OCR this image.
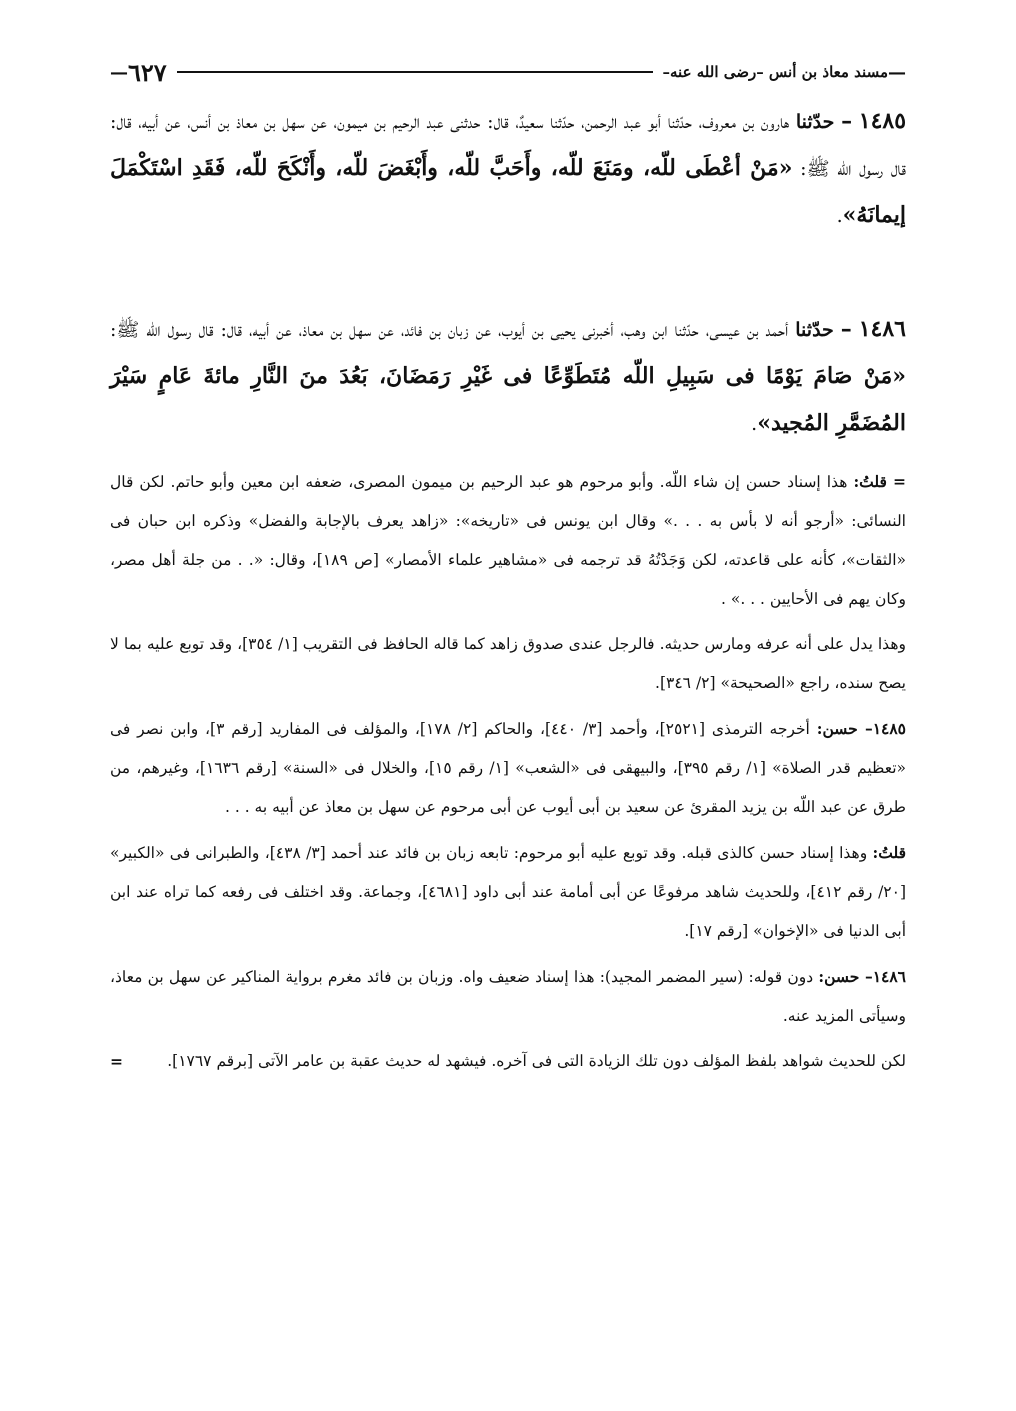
—
مسند معاذ بن أنس –رضى الله عنه–
٦٢٧
—
١٤٨٥ – حدّثنا هارون بن معروف، حدّثنا أبو عبد الرحمن، حدّثنا سعيدٌ، قال: حدثنى عبد الرحيم بن ميمون، عن سهل بن معاذ بن أنس، عن أبيه، قال: قال رسول اللّه ﷺ: «مَنْ أعْطَى للّه، ومَنَعَ للّه، وأَحَبَّ للّه، وأَبْغَضَ للّه، وأَنْكَحَ للّه، فَقَدِ اسْتَكْمَلَ إيمانَهُ».
١٤٨٦ – حدّثنا أحمد بن عيسى، حدّثنا ابن وهب، أخبرنى يحيى بن أيوب، عن زبان بن فائد، عن سهل بن معاذ، عن أبيه، قال: قال رسول اللّه ﷺ: «مَنْ صَامَ يَوْمًا فى سَبِيلِ اللّه مُتَطَوِّعًا فى غَيْرِ رَمَضَانَ، بَعُدَ منَ النَّارِ مائةَ عَامٍ سَيْرَ المُضَمَّرِ المُجيد».

= قلتُ: هذا إسناد حسن إن شاء اللّه. وأبو مرحوم هو عبد الرحيم بن ميمون المصرى، ضعفه ابن معين وأبو حاتم. لكن قال النسائى: «أرجو أنه لا بأس به . . .» وقال ابن يونس فى «تاريخه»: «زاهد يعرف بالإجابة والفضل» وذكره ابن حبان فى «الثقات»، كأنه على قاعدته، لكن وَجَدْتُهُ قد ترجمه فى «مشاهير علماء الأمصار» [ص ١٨٩]، وقال: «. . من جلة أهل مصر، وكان يهم فى الأحايين . . .» .

وهذا يدل على أنه عرفه ومارس حديثه. فالرجل عندى صدوق زاهد كما قاله الحافظ فى التقريب [١/ ٣٥٤]، وقد توبع عليه بما لا يصح سنده، راجع «الصحيحة» [٢/ ٣٤٦].

١٤٨٥– حسن: أخرجه الترمذى [٢٥٢١]، وأحمد [٣/ ٤٤٠]، والحاكم [٢/ ١٧٨]، والمؤلف فى المفاريد [رقم ٣]، وابن نصر فى «تعظيم قدر الصلاة» [١/ رقم ٣٩٥]، والبيهقى فى «الشعب» [١/ رقم ١٥]، والخلال فى «السنة» [رقم ١٦٣٦]، وغيرهم، من طرق عن عبد اللّه بن يزيد المقرئ عن سعيد بن أبى أيوب عن أبى مرحوم عن سهل بن معاذ عن أبيه به . . .

قلتُ: وهذا إسناد حسن كالذى قبله. وقد توبع عليه أبو مرحوم: تابعه زبان بن فائد عند أحمد [٣/ ٤٣٨]، والطبرانى فى «الكبير» [٢٠/ رقم ٤١٢]، وللحديث شاهد مرفوعًا عن أبى أمامة عند أبى داود [٤٦٨١]، وجماعة. وقد اختلف فى رفعه كما تراه عند ابن أبى الدنيا فى «الإخوان» [رقم ١٧].

١٤٨٦– حسن: دون قوله: (سير المضمر المجيد): هذا إسناد ضعيف واه. وزبان بن فائد مغرم برواية المناكير عن سهل بن معاذ، وسيأتى المزيد عنه.

لكن للحديث شواهد بلفظ المؤلف دون تلك الزيادة التى فى آخره. فيشهد له حديث عقبة بن عامر الآتى [برقم ١٧٦٧].
=
